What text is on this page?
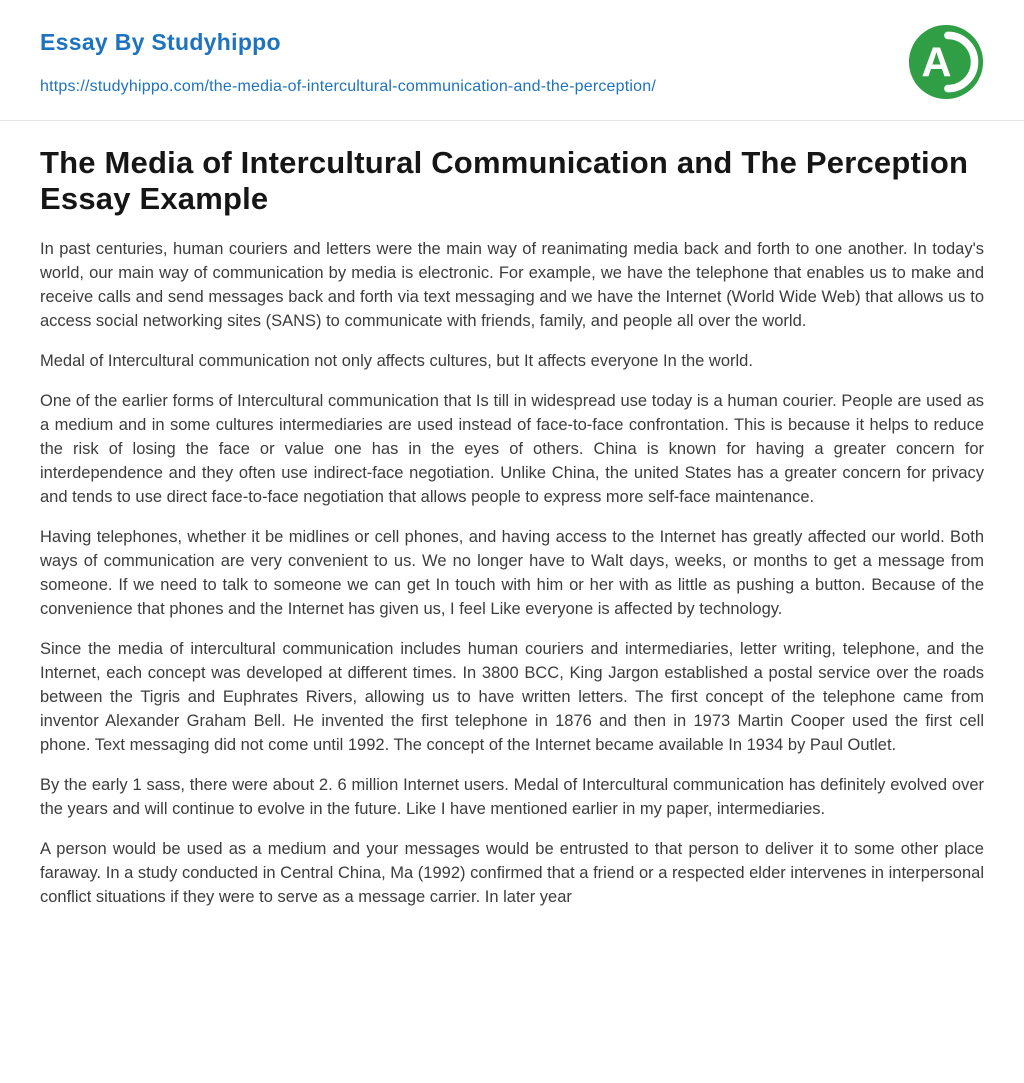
Essay By Studyhippo
https://studyhippo.com/the-media-of-intercultural-communication-and-the-perception/
A
The Media of Intercultural Communication and The Perception Essay Example

In past centuries, human couriers and letters were the main way of reanimating media back and forth to one another. In today's world, our main way of communication by media is electronic. For example, we have the telephone that enables us to make and receive calls and send messages back and forth via text messaging and we have the Internet (World Wide Web) that allows us to access social networking sites (SANS) to communicate with friends, family, and people all over the world.

Medal of Intercultural communication not only affects cultures, but It affects everyone In the world.

One of the earlier forms of Intercultural communication that Is till in widespread use today is a human courier. People are used as a medium and in some cultures intermediaries are used instead of face-to-face confrontation. This is because it helps to reduce the risk of losing the face or value one has in the eyes of others. China is known for having a greater concern for interdependence and they often use indirect-face negotiation. Unlike China, the united States has a greater concern for privacy and tends to use direct face-to-face negotiation that allows people to express more self-face maintenance.

Having telephones, whether it be midlines or cell phones, and having access to the Internet has greatly affected our world. Both ways of communication are very convenient to us. We no longer have to Walt days, weeks, or months to get a message from someone. If we need to talk to someone we can get In touch with him or her with as little as pushing a button. Because of the convenience that phones and the Internet has given us, I feel Like everyone is affected by technology.

Since the media of intercultural communication includes human couriers and intermediaries, letter writing, telephone, and the Internet, each concept was developed at different times. In 3800 BCC, King Jargon established a postal service over the roads between the Tigris and Euphrates Rivers, allowing us to have written letters. The first concept of the telephone came from inventor Alexander Graham Bell. He invented the first telephone in 1876 and then in 1973 Martin Cooper used the first cell phone. Text messaging did not come until 1992. The concept of the Internet became available In 1934 by Paul Outlet.

By the early 1 sass, there were about 2. 6 million Internet users. Medal of Intercultural communication has definitely evolved over the years and will continue to evolve in the future. Like I have mentioned earlier in my paper, intermediaries.

A person would be used as a medium and your messages would be entrusted to that person to deliver it to some other place faraway. In a study conducted in Central China, Ma (1992) confirmed that a friend or a respected elder intervenes in interpersonal conflict situations if they were to serve as a message carrier. In later year
